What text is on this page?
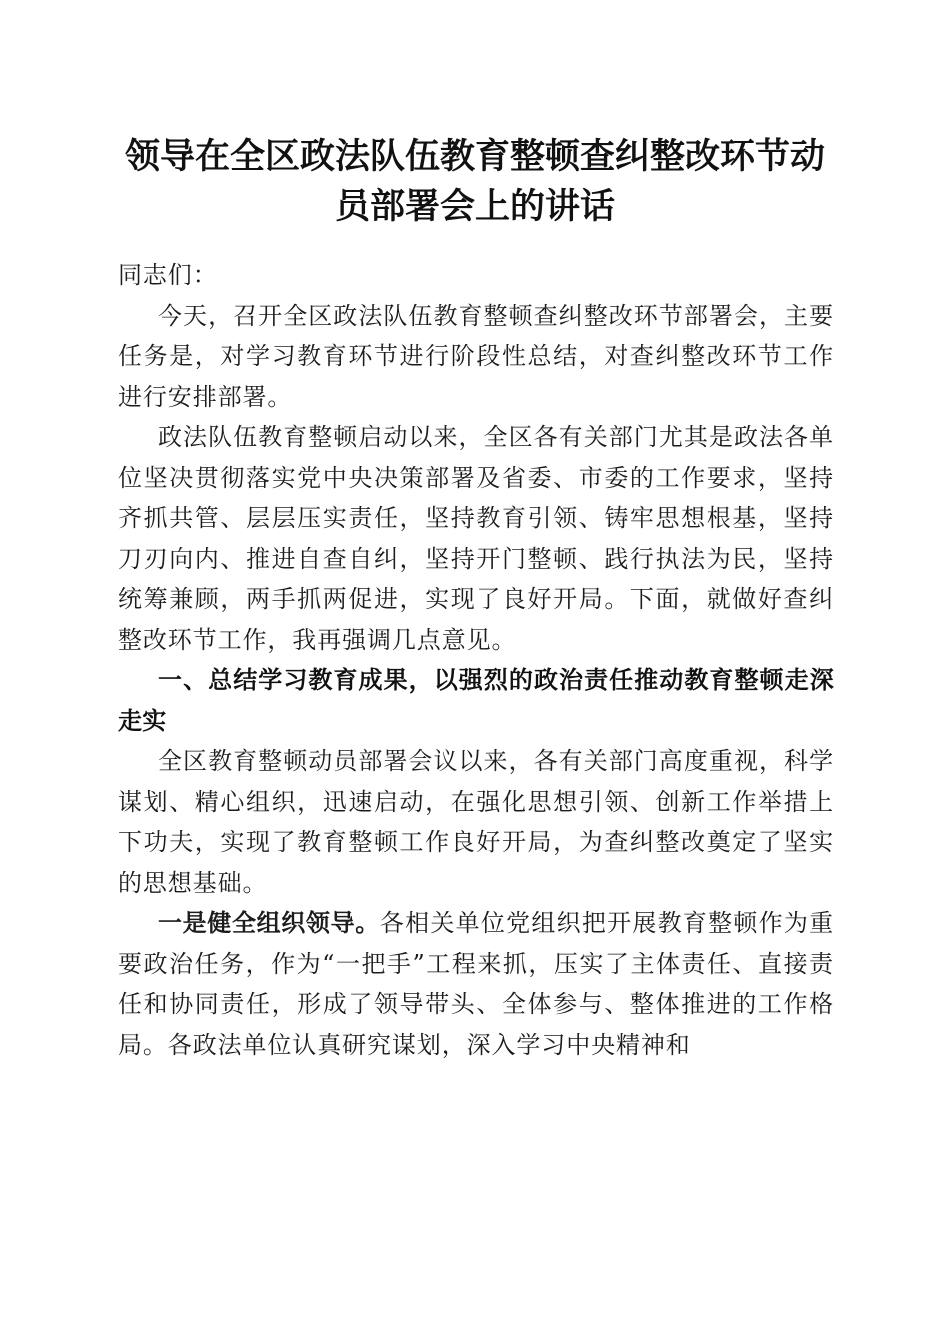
领导在全区政法队伍教育整顿查纠整改环节动员部署会上的讲话

同志们：

今天，召开全区政法队伍教育整顿查纠整改环节部署会，主要任务是，对学习教育环节进行阶段性总结，对查纠整改环节工作进行安排部署。

政法队伍教育整顿启动以来，全区各有关部门尤其是政法各单位坚决贯彻落实党中央决策部署及省委、市委的工作要求，坚持齐抓共管、层层压实责任，坚持教育引领、铸牢思想根基，坚持刀刃向内、推进自查自纠，坚持开门整顿、践行执法为民，坚持统筹兼顾，两手抓两促进，实现了良好开局。下面，就做好查纠整改环节工作，我再强调几点意见。

一、总结学习教育成果，以强烈的政治责任推动教育整顿走深走实

全区教育整顿动员部署会议以来，各有关部门高度重视，科学谋划、精心组织，迅速启动，在强化思想引领、创新工作举措上下功夫，实现了教育整顿工作良好开局，为查纠整改奠定了坚实的思想基础。

一是健全组织领导。各相关单位党组织把开展教育整顿作为重要政治任务，作为“一把手”工程来抓，压实了主体责任、直接责任和协同责任，形成了领导带头、全体参与、整体推进的工作格局。各政法单位认真研究谋划，深入学习中央精神和
